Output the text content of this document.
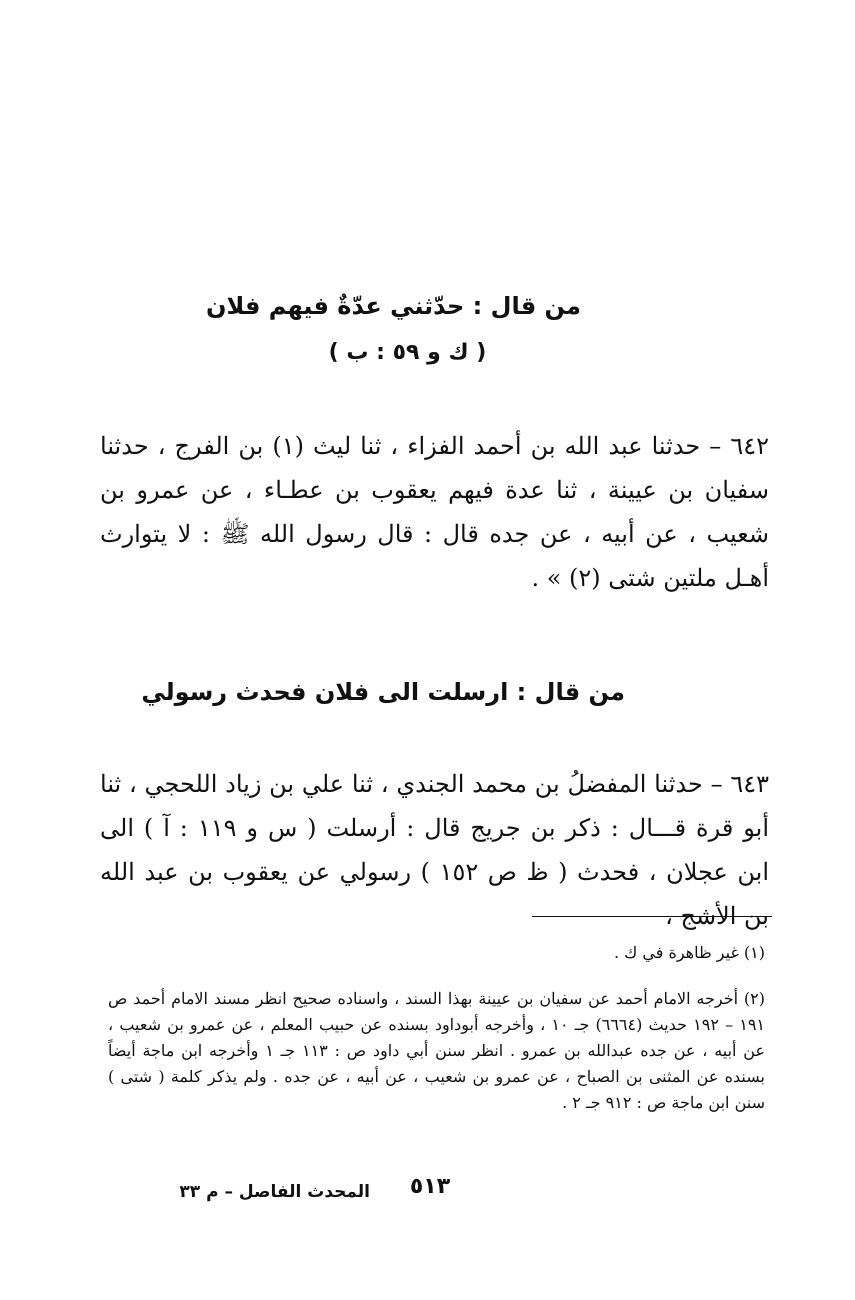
من قال : حدّثني عدّةٌ فيهم فلان
( ك و ٥٩ : ب )
٦٤٢ – حدثنا عبد الله بن أحمد الفزاء ، ثنا ليث (١) بن الفرج ، حدثنا سفيان بن عيينة ، ثنا عدة فيهم يعقوب بن عطـاء ، عن عمرو بن شعيب ، عن أبيه ، عن جده قال : قال رسول الله ﷺ : لا يتوارث أهـل ملتين شتى (٢) » .
من قال : ارسلت الى فلان فحدث رسولي
٦٤٣ – حدثنا المفضلُ بن محمد الجندي ، ثنا علي بن زياد اللحجي ، ثنا أبو قرة قـــال : ذكر بن جريج قال : أرسلت ( س و ١١٩ : آ ) الى ابن عجلان ، فحدث ( ظ ص ١٥٢ ) رسولي عن يعقوب بن عبد الله بن الأشج ،
(١) غير ظاهرة في ك .
(٢) أخرجه الامام أحمد عن سفيان بن عيينة بهذا السند ، واسناده صحيح انظر مسند الامام أحمد ص ١٩١ – ١٩٢ حديث (٦٦٦٤) جـ ١٠ ، وأخرجه أبوداود بسنده عن حبيب المعلم ، عن عمرو بن شعيب ، عن أبيه ، عن جده عبدالله بن عمرو . انظر سنن أبي داود ص : ١١٣ جـ ١ وأخرجه ابن ماجة أيضاً بسنده عن المثنى بن الصباح ، عن عمرو بن شعيب ، عن أبيه ، عن جده . ولم يذكر كلمة ( شتى ) سنن ابن ماجة ص : ٩١٢ جـ ٢ .
المحدث الفاصل – م ٣٣	٥١٣
